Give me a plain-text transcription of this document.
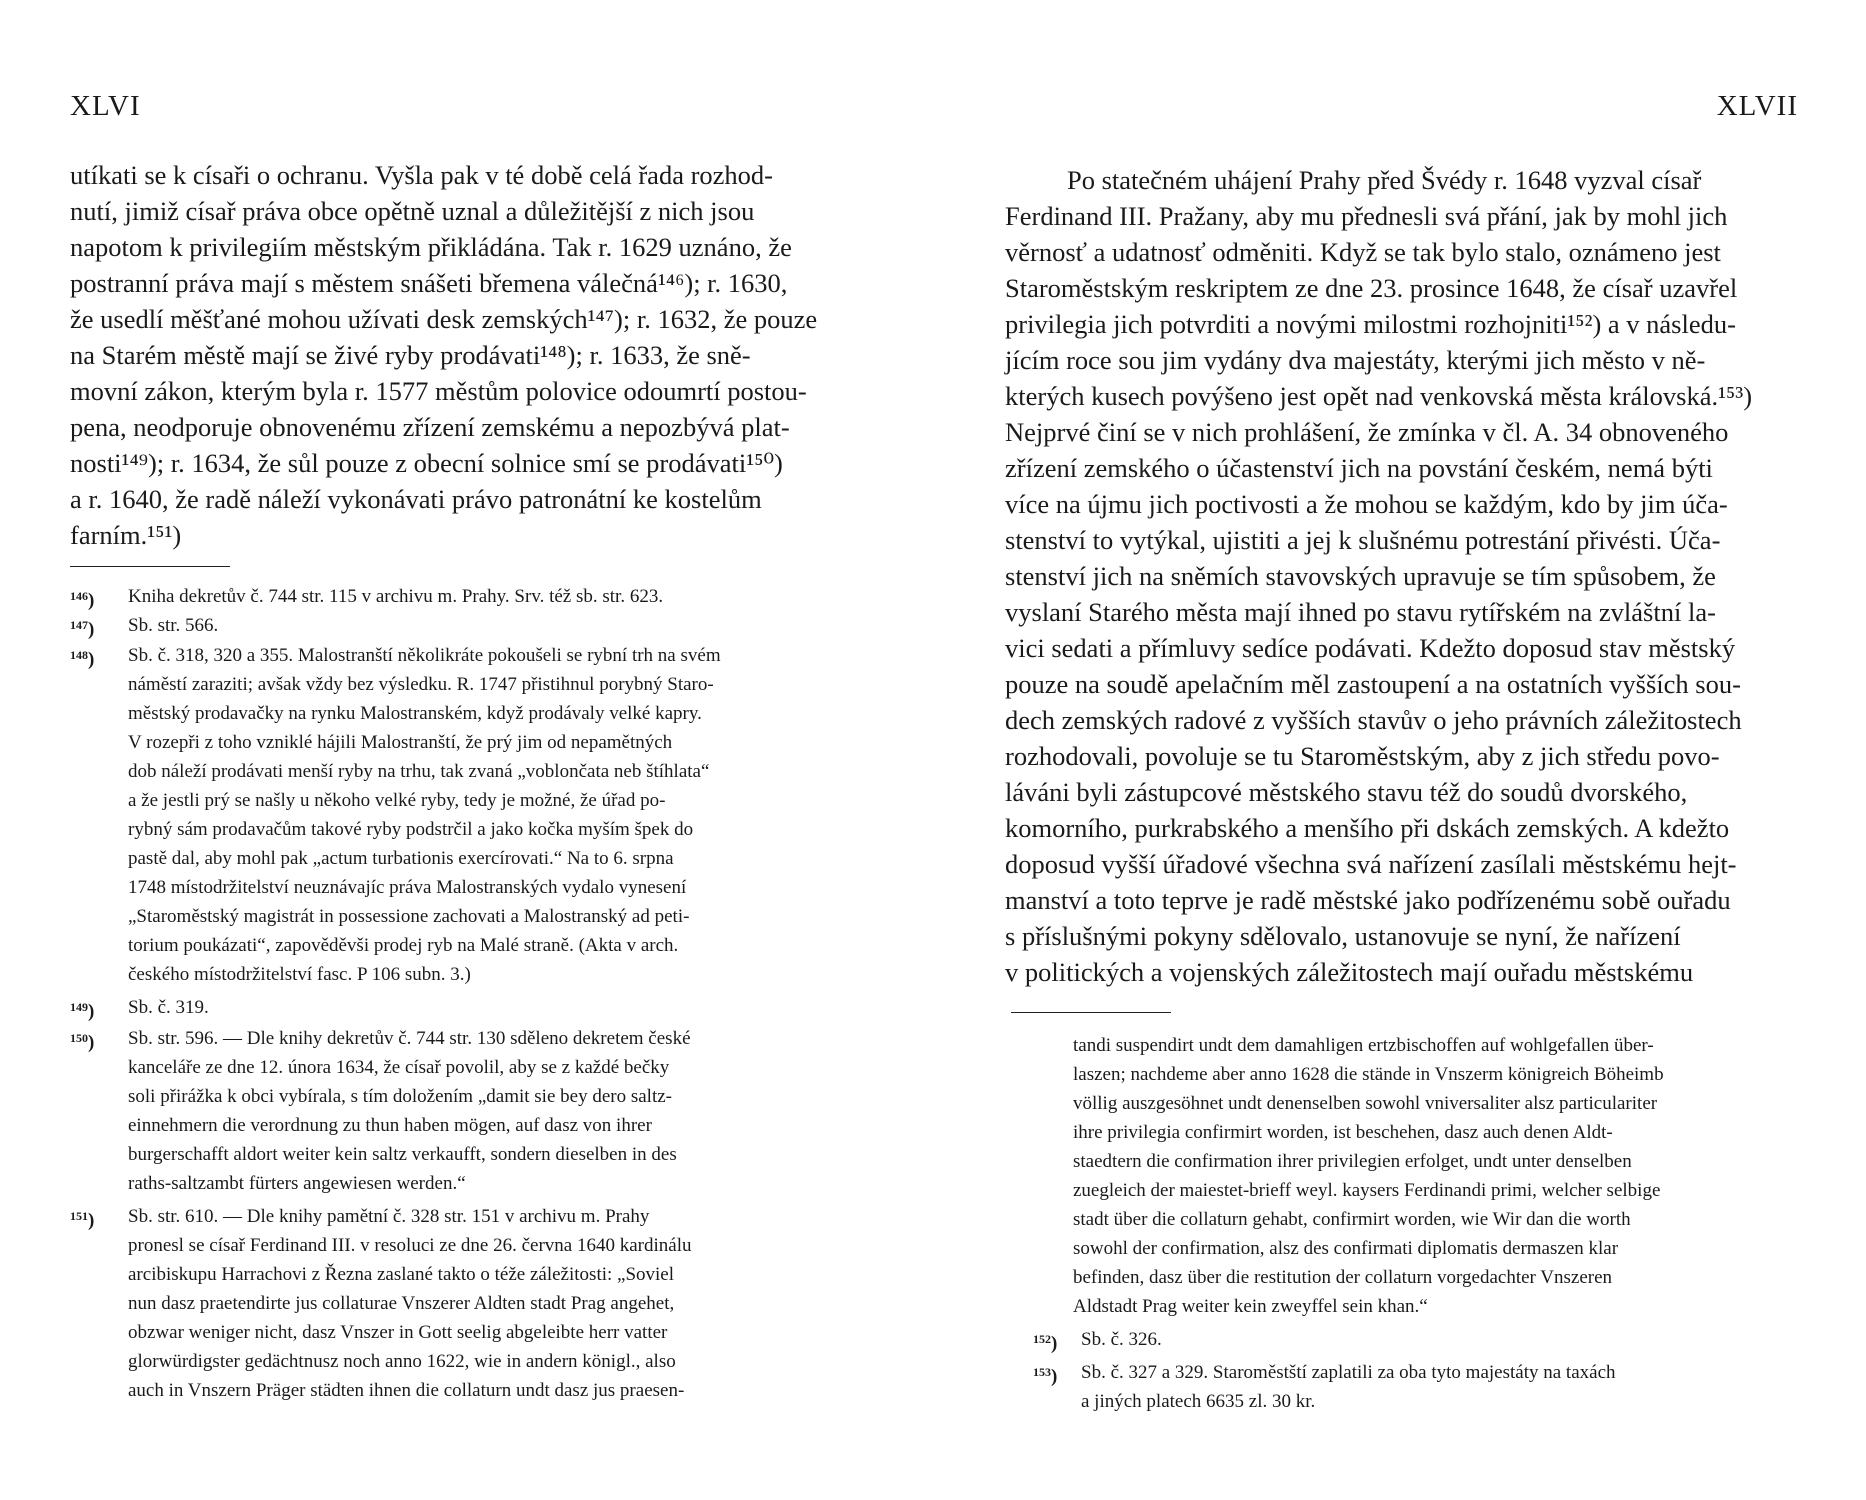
XLVI
utíkati se k císaři o ochranu. Vyšla pak v té době celá řada rozhod-
nutí, jimiž císař práva obce opětně uznal a důležitější z nich jsou
napotom k privilegiím městským přikládána. Tak r. 1629 uznáno, že
postranní práva mají s městem snášeti břemena válečná¹⁴⁶); r. 1630,
že usedlí měšťané mohou užívati desk zemských¹⁴⁷); r. 1632, že pouze
na Starém městě mají se živé ryby prodávati¹⁴⁸); r. 1633, že sně-
movní zákon, kterým byla r. 1577 městům polovice odoumrtí postou-
pena, neodporuje obnovenému zřízení zemskému a nepozbývá plat-
nosti¹⁴⁹); r. 1634, že sůl pouze z obecní solnice smí se prodávati¹⁵⁰)
a r. 1640, že radě náleží vykonávati právo patronátní ke kostelům
farním.¹⁵¹)
$^{146}$) Kniha dekretův č. 744 str. 115 v archivu m. Prahy. Srv. též sb. str. 623.
$^{147}$) Sb. str. 566.
$^{148}$) Sb. č. 318, 320 a 355. Malostranští několikráte pokoušeli se rybní trh na svém
náměstí zaraziti; avšak vždy bez výsledku. R. 1747 přistihnul porybný Staro-
městský prodavačky na rynku Malostranském, když prodávaly velké kapry.
V rozepři z toho vzniklé hájili Malostranští, že prý jim od nepamětných
dob náleží prodávati menší ryby na trhu, tak zvaná „voblončata neb štíhlata“
a že jestli prý se našly u někoho velké ryby, tedy je možné, že úřad po-
rybný sám prodavačům takové ryby podstrčil a jako kočka myším špek do
pastě dal, aby mohl pak „actum turbationis exercírovati.“ Na to 6. srpna
1748 místodržitelství neuznávajíc práva Malostranských vydalo vynesení
„Staroměstský magistrát in possessione zachovati a Malostranský ad peti-
torium poukázati“, zapověděvši prodej ryb na Malé straně. (Akta v arch.
českého místodržitelství fasc. P 106 subn. 3.)
$^{149}$) Sb. č. 319.
$^{150}$) Sb. str. 596. — Dle knihy dekretův č. 744 str. 130 sděleno dekretem české
kanceláře ze dne 12. února 1634, že císař povolil, aby se z každé bečky
soli přirážka k obci vybírala, s tím doložením „damit sie bey dero saltz-
einnehmern die verordnung zu thun haben mögen, auf dasz von ihrer
burgerschafft aldort weiter kein saltz verkaufft, sondern dieselben in des
raths-saltzambt fürters angewiesen werden.“
$^{151}$) Sb. str. 610. — Dle knihy pamětní č. 328 str. 151 v archivu m. Prahy
pronesl se císař Ferdinand III. v resoluci ze dne 26. června 1640 kardinálu
arcibiskupu Harrachovi z Řezna zaslané takto o téže záležitosti: „Soviel
nun dasz praetendirte jus collaturae Vnszerer Aldten stadt Prag angehet,
obzwar weniger nicht, dasz Vnszer in Gott seelig abgeleibte herr vatter
glorwürdigster gedächtnusz noch anno 1622, wie in andern königl., also
auch in Vnszern Präger städten ihnen die collaturn undt dasz jus praesen-
XLVII
Po statečném uhájení Prahy před Švédy r. 1648 vyzval císař
Ferdinand III. Pražany, aby mu přednesli svá přání, jak by mohl jich
věrnosť a udatnosť odměniti. Když se tak bylo stalo, oznámeno jest
Staroměstským reskriptem ze dne 23. prosince 1648, že císař uzavřel
privilegia jich potvrditi a novými milostmi rozhojniti¹⁵²) a v následu-
jícím roce sou jim vydány dva majestáty, kterými jich město v ně-
kterých kusech povýšeno jest opět nad venkovská města královská.¹⁵³)
Nejprvé činí se v nich prohlášení, že zmínka v čl. A. 34 obnoveného
zřízení zemského o účastenství jich na povstání českém, nemá býti
více na újmu jich poctivosti a že mohou se každým, kdo by jim úča-
stenství to vytýkal, ujistiti a jej k slušnému potrestání přivésti. Úča-
stenství jich na sněmích stavovských upravuje se tím spůsobem, že
vyslaní Starého města mají ihned po stavu rytířském na zvláštní la-
vici sedati a přímluvy sedíce podávati. Kdežto doposud stav městský
pouze na soudě apelačním měl zastoupení a na ostatních vyšších sou-
dech zemských radové z vyšších stavův o jeho právních záležitostech
rozhodovali, povoluje se tu Staroměstským, aby z jich středu povo-
láváni byli zástupcové městského stavu též do soudů dvorského,
komorního, purkrabského a menšího při dskách zemských. A kdežto
doposud vyšší úřadové všechna svá nařízení zasílali městskému hejt-
manství a toto teprve je radě městské jako podřízenému sobě ouřadu
s příslušnými pokyny sdělovalo, ustanovuje se nyní, že nařízení
v politických a vojenských záležitostech mají ouřadu městskému
tandi suspendirt undt dem damahligen ertzbischoffen auf wohlgefallen über-
laszen; nachdeme aber anno 1628 die stände in Vnszerm königreich Böheimb
völlig auszgesöhnet undt denenselben sowohl vniversaliter alsz particulariter
ihre privilegia confirmirt worden, ist beschehen, dasz auch denen Aldt-
staedtern die confirmation ihrer privilegien erfolget, undt unter denselben
zuegleich der maiestet-brieff weyl. kaysers Ferdinandi primi, welcher selbige
stadt über die collaturn gehabt, confirmirt worden, wie Wir dan die worth
sowohl der confirmation, alsz des confirmati diplomatis dermaszen klar
befinden, dasz über die restitution der collaturn vorgedachter Vnszeren
Aldstadt Prag weiter kein zweyffel sein khan.“
$^{152}$) Sb. č. 326.
$^{153}$) Sb. č. 327 a 329. Staroměstští zaplatili za oba tyto majestáty na taxách
a jiných platech 6635 zl. 30 kr.
